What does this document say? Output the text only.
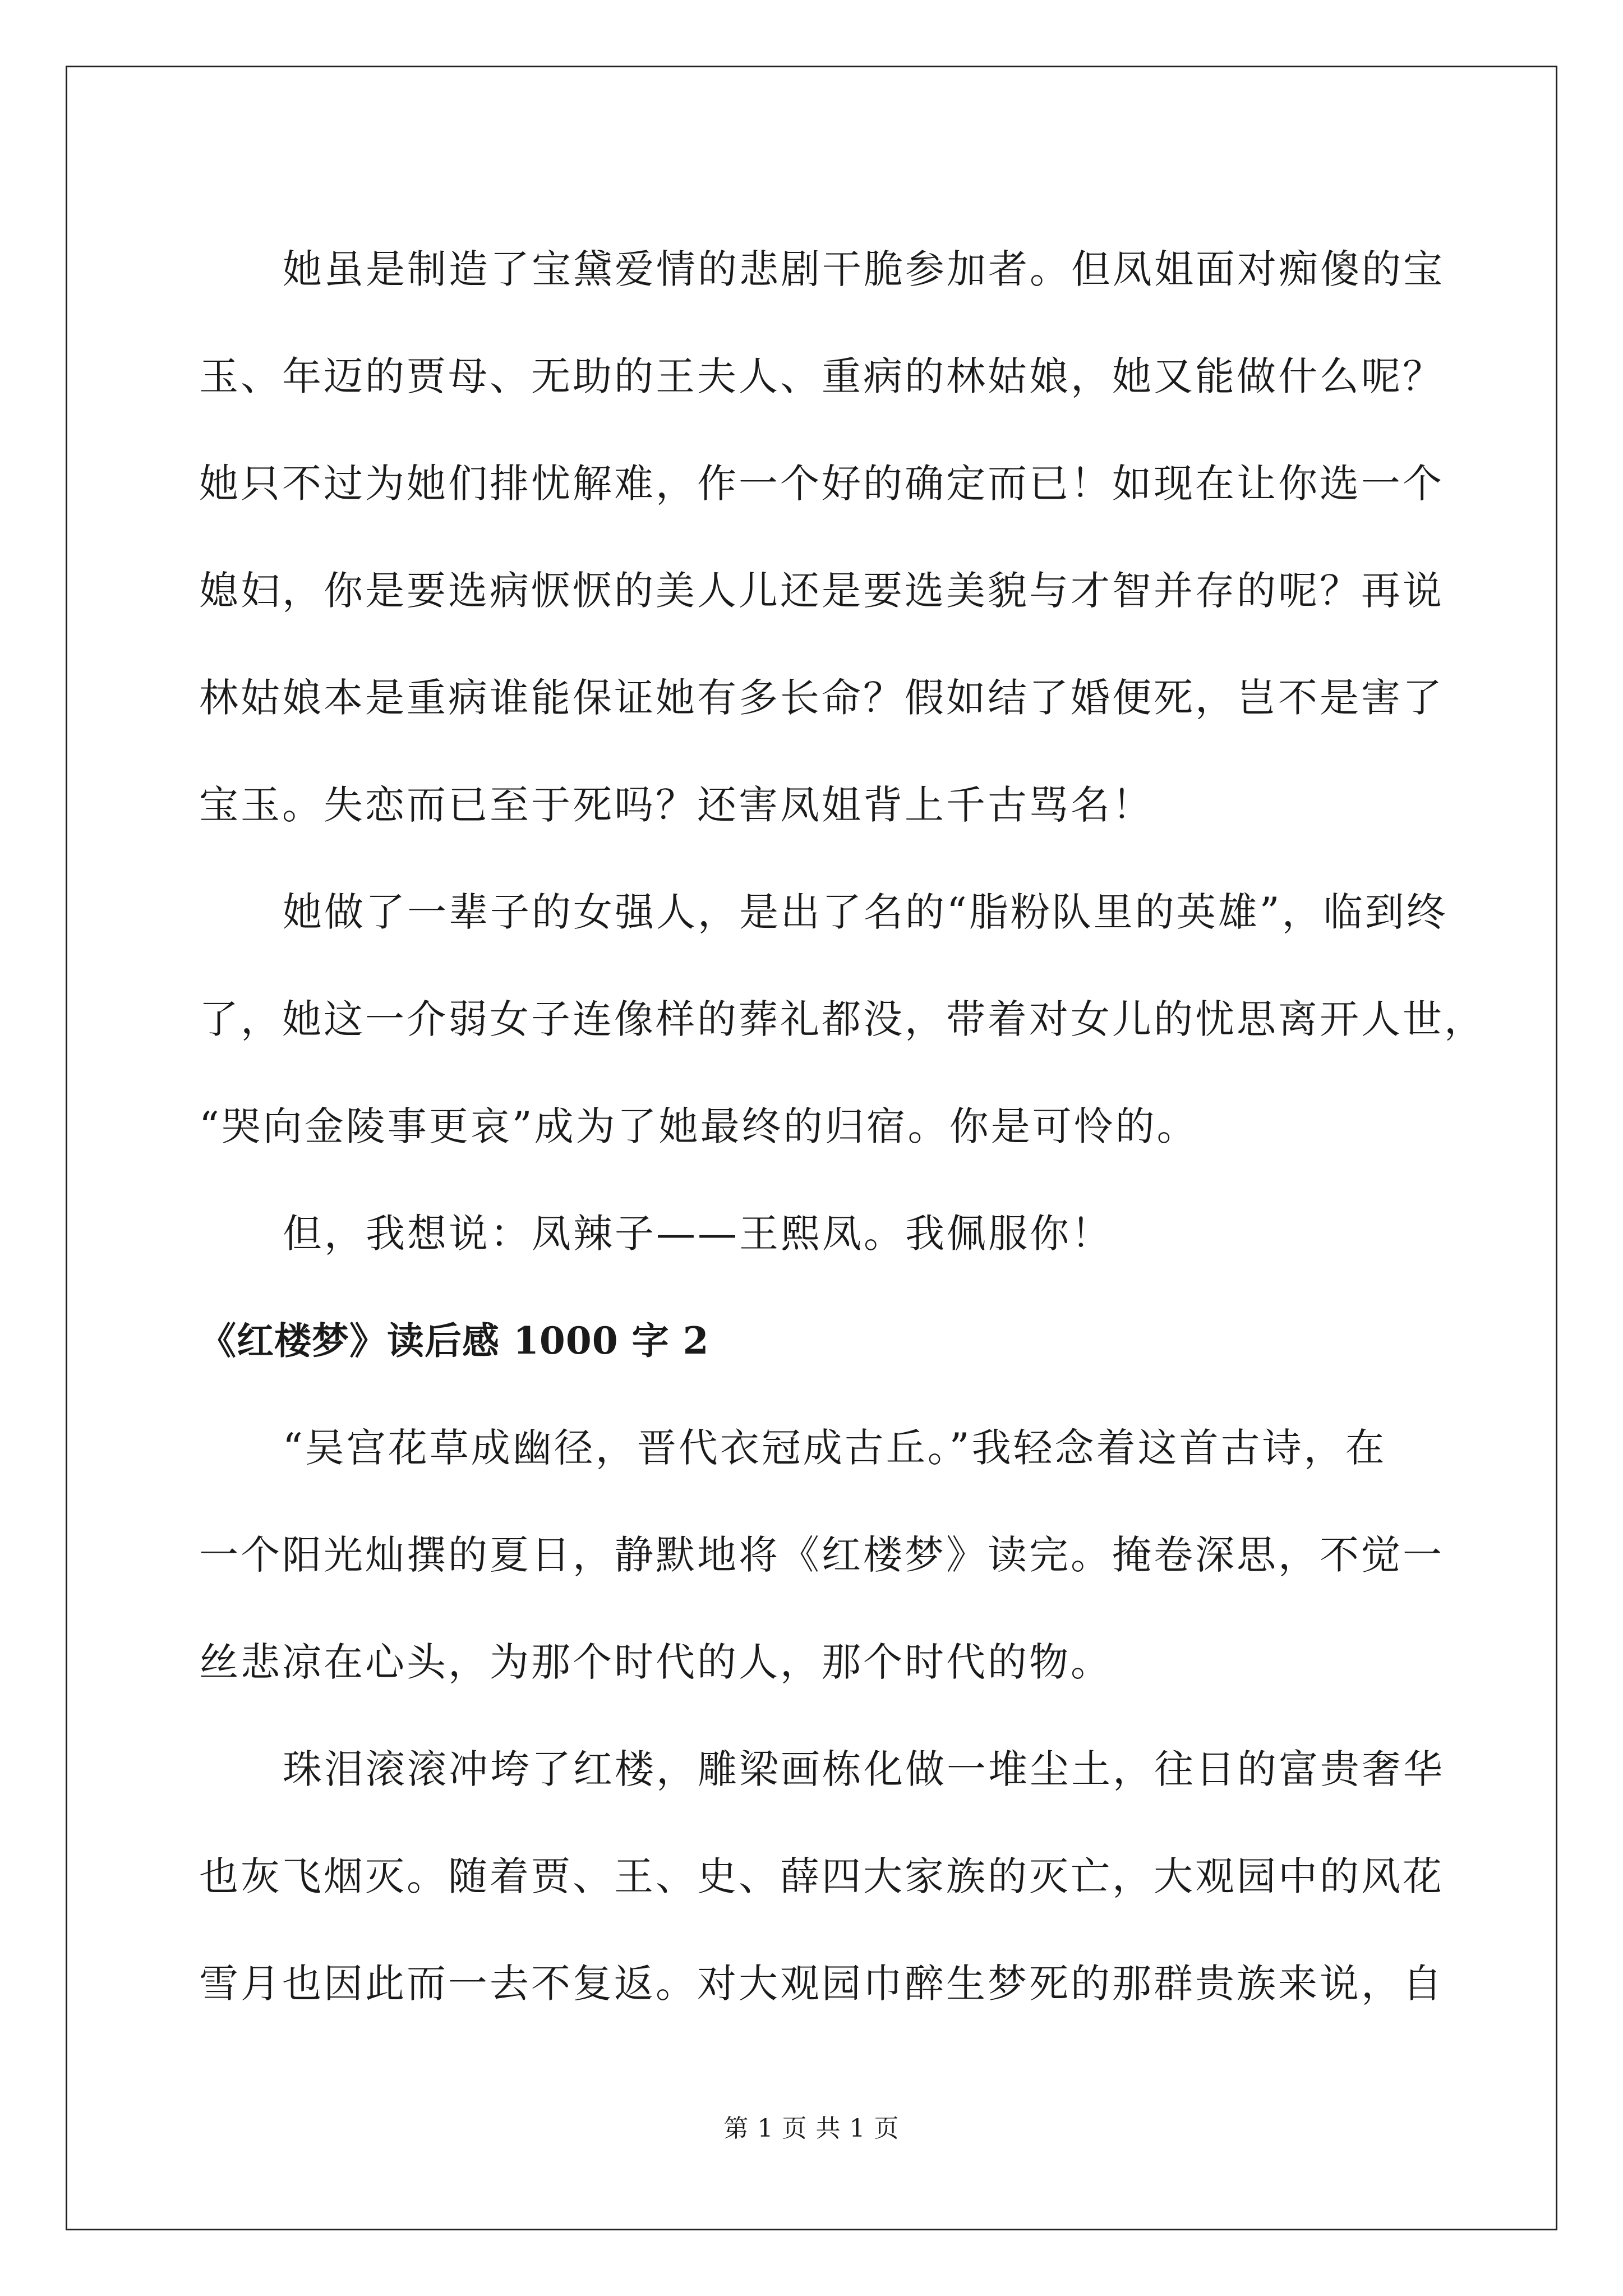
她虽是制造了宝黛爱情的悲剧干脆参加者。但凤姐面对痴傻的宝

玉、年迈的贾母、无助的王夫人、重病的林姑娘，她又能做什么呢？

她只不过为她们排忧解难，作一个好的确定而已！如现在让你选一个

媳妇，你是要选病恹恹的美人儿还是要选美貌与才智并存的呢？再说

林姑娘本是重病谁能保证她有多长命？假如结了婚便死，岂不是害了

宝玉。失恋而已至于死吗？还害凤姐背上千古骂名！

她做了一辈子的女强人，是出了名的“脂粉队里的英雄”，临到终

了，她这一介弱女子连像样的葬礼都没，带着对女儿的忧思离开人世，

“哭向金陵事更哀”成为了她最终的归宿。你是可怜的。

但，我想说：凤辣子——王熙凤。我佩服你！

《红楼梦》读后感 1000 字 2

“吴宫花草成幽径，晋代衣冠成古丘。”我轻念着这首古诗，在

一个阳光灿撰的夏日，静默地将《红楼梦》读完。掩卷深思，不觉一

丝悲凉在心头，为那个时代的人，那个时代的物。

珠泪滚滚冲垮了红楼，雕梁画栋化做一堆尘土，往日的富贵奢华

也灰飞烟灭。随着贾、王、史、薛四大家族的灭亡，大观园中的风花

雪月也因此而一去不复返。对大观园巾醉生梦死的那群贵族来说，自

第 1 页 共 1 页
